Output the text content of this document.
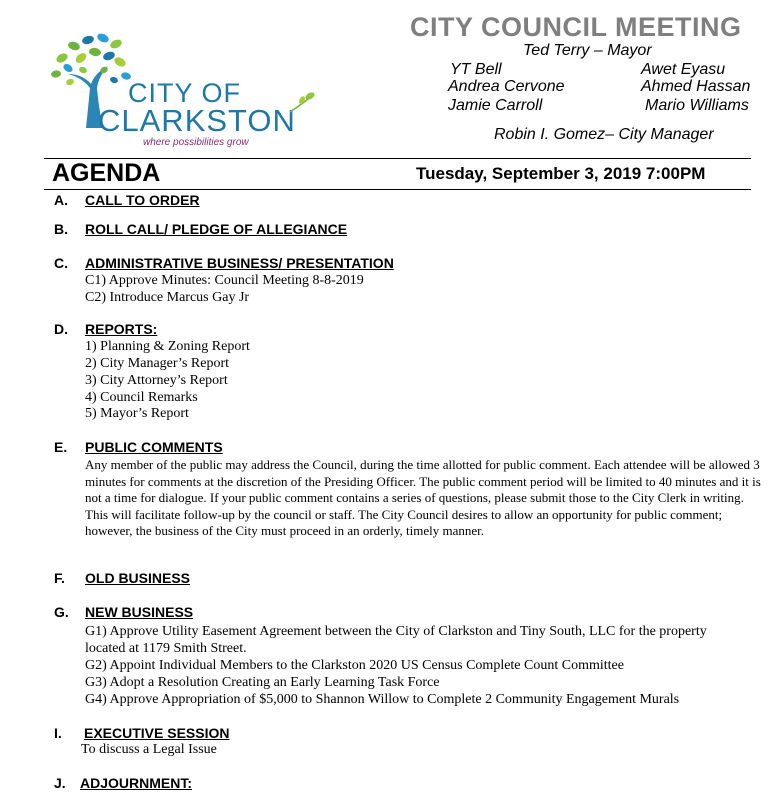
CITY OF
CLARKSTON
where possibilities grow
CITY COUNCIL MEETING
Ted Terry – Mayor
YT Bell	Awet Eyasu
Andrea Cervone	Ahmed Hassan
Jamie Carroll	Mario Williams
Robin I. Gomez– City Manager
AGENDA	Tuesday, September 3, 2019 7:00PM
A. CALL TO ORDER
B. ROLL CALL/ PLEDGE OF ALLEGIANCE
C. ADMINISTRATIVE BUSINESS/ PRESENTATION
C1) Approve Minutes: Council Meeting 8-8-2019
C2) Introduce Marcus Gay Jr
D. REPORTS:
1) Planning & Zoning Report
2) City Manager’s Report
3) City Attorney’s Report
4) Council Remarks
5) Mayor’s Report
E. PUBLIC COMMENTS
Any member of the public may address the Council, during the time allotted for public comment. Each attendee will be allowed 3 minutes for comments at the discretion of the Presiding Officer. The public comment period will be limited to 40 minutes and it is not a time for dialogue. If your public comment contains a series of questions, please submit those to the City Clerk in writing. This will facilitate follow-up by the council or staff. The City Council desires to allow an opportunity for public comment; however, the business of the City must proceed in an orderly, timely manner.
F. OLD BUSINESS
G. NEW BUSINESS
G1) Approve Utility Easement Agreement between the City of Clarkston and Tiny South, LLC for the property
located at 1179 Smith Street.
G2) Appoint Individual Members to the Clarkston 2020 US Census Complete Count Committee
G3) Adopt a Resolution Creating an Early Learning Task Force
G4) Approve Appropriation of $5,000 to Shannon Willow to Complete 2 Community Engagement Murals
I. EXECUTIVE SESSION
To discuss a Legal Issue
J. ADJOURNMENT:
